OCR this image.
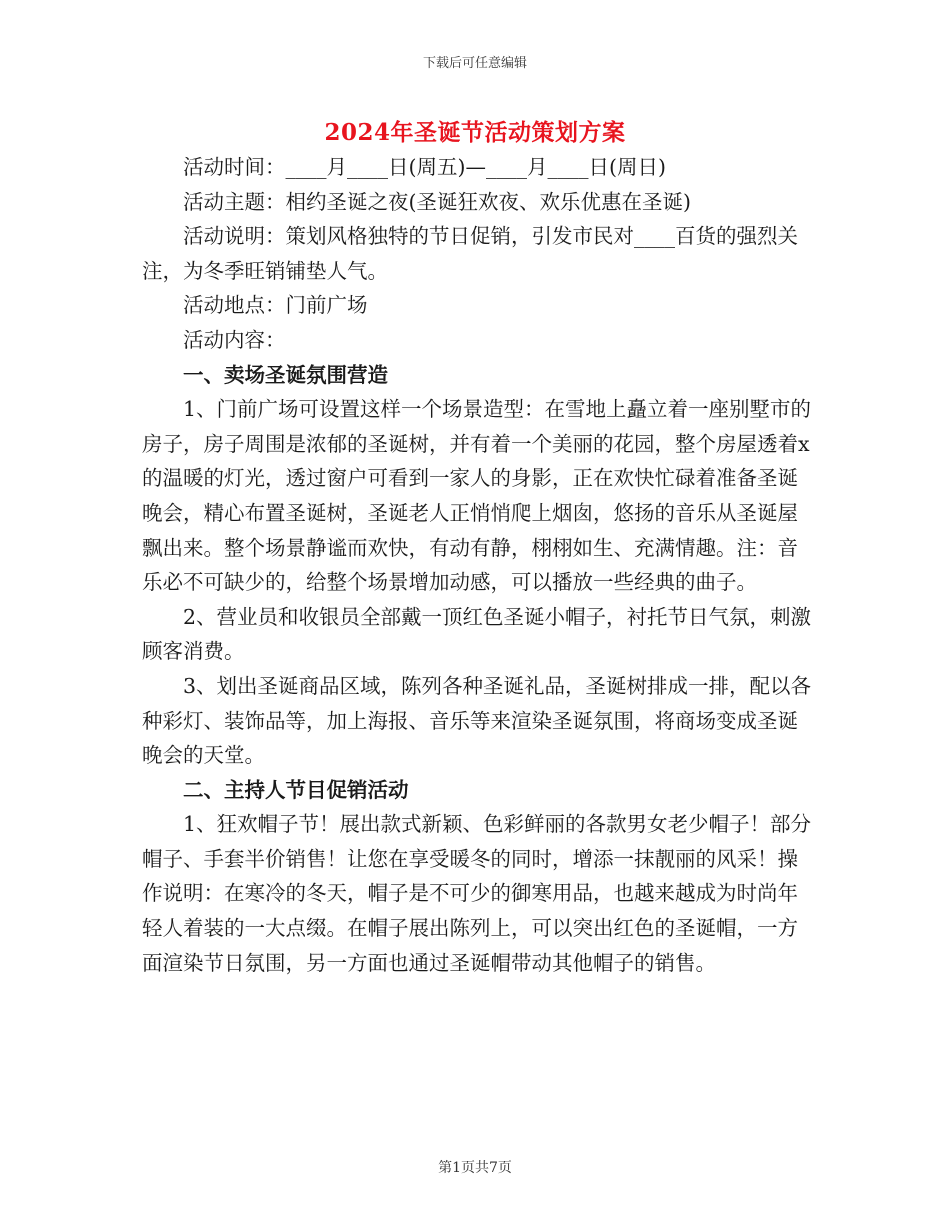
下载后可任意编辑
2024年圣诞节活动策划方案

活动时间：____月____日(周五)—____月____日(周日)

活动主题：相约圣诞之夜(圣诞狂欢夜、欢乐优惠在圣诞)

活动说明：策划风格独特的节日促销，引发市民对____百货的强烈关注，为冬季旺销铺垫人气。

活动地点：门前广场

活动内容：

一、卖场圣诞氛围营造

1、门前广场可设置这样一个场景造型：在雪地上矗立着一座别墅市的房子，房子周围是浓郁的圣诞树，并有着一个美丽的花园，整个房屋透着x的温暖的灯光，透过窗户可看到一家人的身影，正在欢快忙碌着准备圣诞晚会，精心布置圣诞树，圣诞老人正悄悄爬上烟囱，悠扬的音乐从圣诞屋飘出来。整个场景静谧而欢快，有动有静，栩栩如生、充满情趣。注：音乐必不可缺少的，给整个场景增加动感，可以播放一些经典的曲子。

2、营业员和收银员全部戴一顶红色圣诞小帽子，衬托节日气氛，刺激顾客消费。

3、划出圣诞商品区域，陈列各种圣诞礼品，圣诞树排成一排，配以各种彩灯、装饰品等，加上海报、音乐等来渲染圣诞氛围，将商场变成圣诞晚会的天堂。

二、主持人节目促销活动

1、狂欢帽子节！展出款式新颖、色彩鲜丽的各款男女老少帽子！部分帽子、手套半价销售！让您在享受暖冬的同时，增添一抹靓丽的风采！操作说明：在寒冷的冬天，帽子是不可少的御寒用品，也越来越成为时尚年轻人着装的一大点缀。在帽子展出陈列上，可以突出红色的圣诞帽，一方面渲染节日氛围，另一方面也通过圣诞帽带动其他帽子的销售。

第1页共7页
